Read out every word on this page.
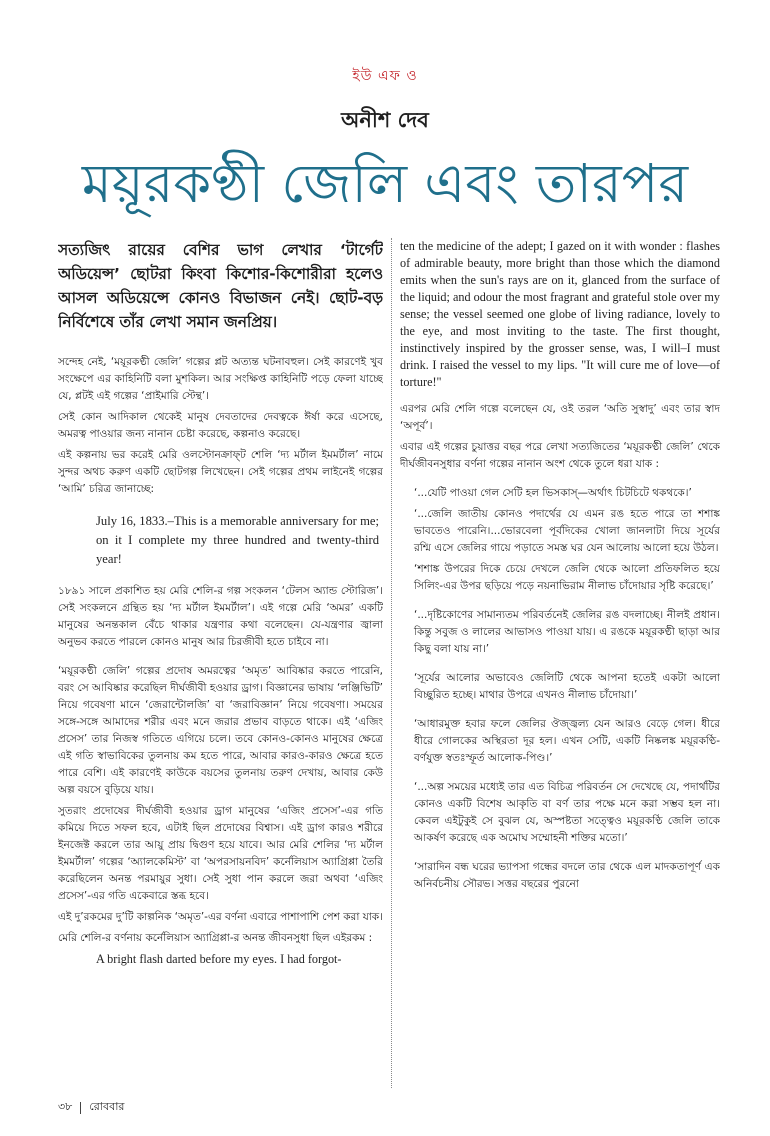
ইউ এফ ও
অনীশ দেব
ময়ূরকণ্ঠী জেলি এবং তারপর

সত্যজিৎ রায়ের বেশির ভাগ লেখার ‘টার্গেট অডিয়েন্স’ ছোটরা কিংবা কিশোর-কিশোরীরা হলেও আসল অডিয়েন্সে কোনও বিভাজন নেই। ছোট-বড় নির্বিশেষে তাঁর লেখা সমান জনপ্রিয়।

সন্দেহ নেই, ‘ময়ূরকণ্ঠী জেলি’ গল্পের প্লট অত্যন্ত ঘটনাবহুল। সেই কারণেই খুব সংক্ষেপে এর কাহিনিটি বলা মুশকিল। আর সংক্ষিপ্ত কাহিনিটি পড়ে ফেলা যাচ্ছে যে, প্লটই এই গল্পের ‘প্রাইমারি স্টেন্থ’।

সেই কোন আদিকাল থেকেই মানুষ দেবতাদের দেবত্বকে ঈর্ষা করে এসেছে, অমরত্ব পাওয়ার জন্য নানান চেষ্টা করেছে, কল্পনাও করেছে।

এই কল্পনায় ভর করেই মেরি ওলস্টোনক্রাফ্‌ট শেলি ‘দ্য মর্টাল ইমমর্টাল’ নামে সুন্দর অথচ করুণ একটি ছোটগল্প লিখেছেন। সেই গল্পের প্রথম লাইনেই গল্পের ‘আমি’ চরিত্র জানাচ্ছে:

July 16, 1833.–This is a memorable anniversary for me; on it I complete my three hundred and twenty-third year!

১৮৯১ সালে প্রকাশিত হয় মেরি শেলি-র গল্প সংকলন ‘টেলস অ্যান্ড স্টোরিজ’। সেই সংকলনে গ্রন্থিত হয় ‘দ্য মর্টাল ইমমর্টাল’। এই গল্পে মেরি ‘অমর’ একটি মানুষের অনন্তকাল বেঁচে থাকার যন্ত্রণার কথা বলেছেন। যে-যন্ত্রণার জ্বালা অনুভব করতে পারলে কোনও মানুষ আর চিরজীবী হতে চাইবে না।

‘ময়ূরকণ্ঠী জেলি’ গল্পের প্রদোষ অমরত্বের ‘অমৃত’ আবিষ্কার করতে পারেনি, বরং সে আবিষ্কার করেছিল দীর্ঘজীবী হওয়ার ড্রাগ। বিজ্ঞানের ভাষায় ‘লঞ্জিভিটি’ নিয়ে গবেষণা মানে ‘জেরান্টোলজি’ বা ‘জরাবিজ্ঞান’ নিয়ে গবেষণা। সময়ের সঙ্গে-সঙ্গে আমাদের শরীর এবং মনে জরার প্রভাব বাড়তে থাকে। এই ‘এজিং প্রসেস’ তার নিজস্ব গতিতে এগিয়ে চলে। তবে কোনও-কোনও মানুষের ক্ষেত্রে এই গতি স্বাভাবিকের তুলনায় কম হতে পারে, আবার কারও-কারও ক্ষেত্রে হতে পারে বেশি। এই কারণেই কাউকে বয়সের তুলনায় তরুণ দেখায়, আবার কেউ অল্প বয়সে বুড়িয়ে যায়।

সুতরাং প্রদোষের দীর্ঘজীবী হওয়ার ড্রাগ মানুষের ‘এজিং প্রসেস’-এর গতি কমিয়ে দিতে সফল হবে, এটাই ছিল প্রদোষের বিশ্বাস। এই ড্রাগ কারও শরীরে ইনজেক্ট করলে তার আয়ু প্রায় দ্বিগুণ হয়ে যাবে। আর মেরি শেলির ‘দ্য মর্টাল ইমমর্টাল’ গল্পের ‘অ্যালকেমিস্ট’ বা ‘অপরসায়নবিদ’ কর্নেলিয়াস অ্যাগ্রিপ্পা তৈরি করেছিলেন অনন্ত পরমায়ুর সুধা। সেই সুধা পান করলে জরা অথবা ‘এজিং প্রসেস’-এর গতি একেবারে স্তব্ধ হবে।

এই দু’রকমের দু’টি কাল্পনিক ‘অমৃত’-এর বর্ণনা এবারে পাশাপাশি পেশ করা যাক।

মেরি শেলি-র বর্ণনায় কর্নেলিয়াস অ্যাগ্রিপ্পা-র অনন্ত জীবনসুধা ছিল এইরকম :

A bright flash darted before my eyes. I had forgot-

ten the medicine of the adept; I gazed on it with wonder : flashes of admirable beauty, more bright than those which the diamond emits when the sun's rays are on it, glanced from the surface of the liquid; and odour the most fragrant and grateful stole over my sense; the vessel seemed one globe of living radiance, lovely to the eye, and most inviting to the taste. The first thought, instinctively inspired by the grosser sense, was, I will–I must drink. I raised the vessel to my lips. "It will cure me of love—of torture!"

এরপর মেরি শেলি গল্পে বলেছেন যে, ওই তরল ‘অতি সুস্বাদু’ এবং তার স্বাদ ‘অপূর্ব’।

এবার এই গল্পের চুয়াত্তর বছর পরে লেখা সত্যজিতের ‘ময়ূরকণ্ঠী জেলি’ থেকে দীর্ঘজীবনসুধার বর্ণনা গল্পের নানান অংশ থেকে তুলে ধরা যাক :

‘...যেটি পাওয়া গেল সেটি হল ভিসকাস্‌—অর্থাৎ চিটচিটে থকথকে।’

‘...জেলি জাতীয় কোনও পদার্থের যে এমন রঙ হতে পারে তা শশাঙ্ক ভাবতেও পারেনি।...ভোরবেলা পূর্বদিকের খোলা জানলাটা দিয়ে সূর্যের রশ্মি এসে জেলির গায়ে পড়াতে সমস্ত ঘর যেন আলোয় আলো হয়ে উঠল।

‘শশাঙ্ক উপরের দিকে চেয়ে দেখলে জেলি থেকে আলো প্রতিফলিত হয়ে সিলিং-এর উপর ছড়িয়ে পড়ে নয়নাভিরাম নীলাভ চাঁদোয়ার সৃষ্টি করেছে।’

‘...দৃষ্টিকোণের সামান্যতম পরিবর্তনেই জেলির রঙ বদলাচ্ছে। নীলই প্রধান। কিন্তু সবুজ ও লালের আভাসও পাওয়া যায়। এ রঙকে ময়ূরকণ্ঠী ছাড়া আর কিছু বলা যায় না।’

‘সূর্যের আলোর অভাবেও জেলিটি থেকে আপনা হতেই একটা আলো বিচ্ছুরিত হচ্ছে। মাথার উপরে এখনও নীলাভ চাঁদোয়া।’

‘আধারমুক্ত হবার ফলে জেলির ঔজ্জ্বল্য যেন আরও বেড়ে গেল। ধীরে ধীরে গোলকের অস্থিরতা দূর হল। এখন সেটি, একটি নিষ্কলঙ্ক ময়ূরকণ্ঠি-বর্ণযুক্ত স্বতঃস্ফূর্ত আলোক-পিণ্ড।’

‘...অল্প সময়ের মধ্যেই তার এত বিচিত্র পরিবর্তন সে দেখেছে যে, পদার্থটির কোনও একটি বিশেষ আকৃতি বা বর্ণ তার পক্ষে মনে করা সম্ভব হল না। কেবল এইটুকুই সে বুঝল যে, অস্পষ্টতা সত্ত্বেও ময়ূরকণ্ঠি জেলি তাকে আকর্ষণ করেছে এক অমোঘ সম্মোহনী শক্তির মতো।’

‘সারাদিন বন্ধ ঘরের ভ্যাপসা গন্ধের বদলে তার থেকে এল মাদকতাপূর্ণ এক অনির্বচনীয় সৌরভ। সত্তর বছরের পুরনো

৩৮ রোববার
